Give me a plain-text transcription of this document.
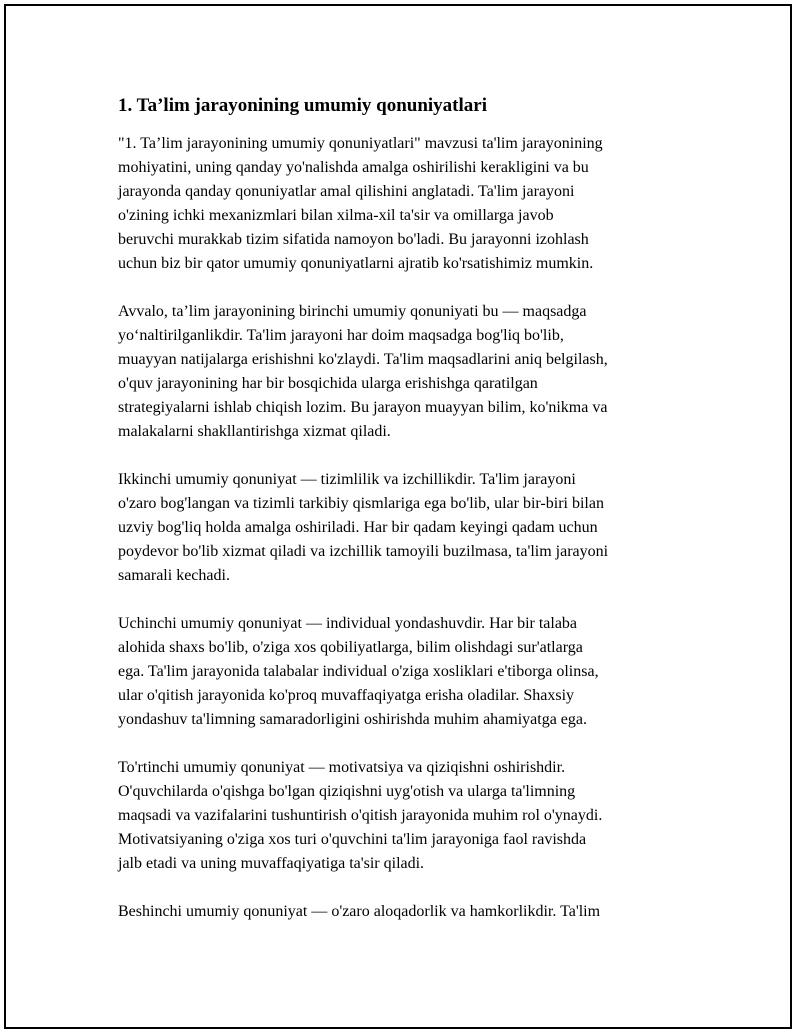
1. Ta’lim jarayonining umumiy qonuniyatlari

"1. Ta’lim jarayonining umumiy qonuniyatlari" mavzusi ta'lim jarayonining
mohiyatini, uning qanday yo'nalishda amalga oshirilishi kerakligini va bu
jarayonda qanday qonuniyatlar amal qilishini anglatadi. Ta'lim jarayoni
o'zining ichki mexanizmlari bilan xilma-xil ta'sir va omillarga javob
beruvchi murakkab tizim sifatida namoyon bo'ladi. Bu jarayonni izohlash
uchun biz bir qator umumiy qonuniyatlarni ajratib ko'rsatishimiz mumkin.

Avvalo, ta’lim jarayonining birinchi umumiy qonuniyati bu — maqsadga
yo‘naltirilganlikdir. Ta'lim jarayoni har doim maqsadga bog'liq bo'lib,
muayyan natijalarga erishishni ko'zlaydi. Ta'lim maqsadlarini aniq belgilash,
o'quv jarayonining har bir bosqichida ularga erishishga qaratilgan
strategiyalarni ishlab chiqish lozim. Bu jarayon muayyan bilim, ko'nikma va
malakalarni shakllantirishga xizmat qiladi.

Ikkinchi umumiy qonuniyat — tizimlilik va izchillikdir. Ta'lim jarayoni
o'zaro bog'langan va tizimli tarkibiy qismlariga ega bo'lib, ular bir-biri bilan
uzviy bog'liq holda amalga oshiriladi. Har bir qadam keyingi qadam uchun
poydevor bo'lib xizmat qiladi va izchillik tamoyili buzilmasa, ta'lim jarayoni
samarali kechadi.

Uchinchi umumiy qonuniyat — individual yondashuvdir. Har bir talaba
alohida shaxs bo'lib, o'ziga xos qobiliyatlarga, bilim olishdagi sur'atlarga
ega. Ta'lim jarayonida talabalar individual o'ziga xosliklari e'tiborga olinsa,
ular o'qitish jarayonida ko'proq muvaffaqiyatga erisha oladilar. Shaxsiy
yondashuv ta'limning samaradorligini oshirishda muhim ahamiyatga ega.

To'rtinchi umumiy qonuniyat — motivatsiya va qiziqishni oshirishdir.
O'quvchilarda o'qishga bo'lgan qiziqishni uyg'otish va ularga ta'limning
maqsadi va vazifalarini tushuntirish o'qitish jarayonida muhim rol o'ynaydi.
Motivatsiyaning o'ziga xos turi o'quvchini ta'lim jarayoniga faol ravishda
jalb etadi va uning muvaffaqiyatiga ta'sir qiladi.

Beshinchi umumiy qonuniyat — o'zaro aloqadorlik va hamkorlikdir. Ta'lim
